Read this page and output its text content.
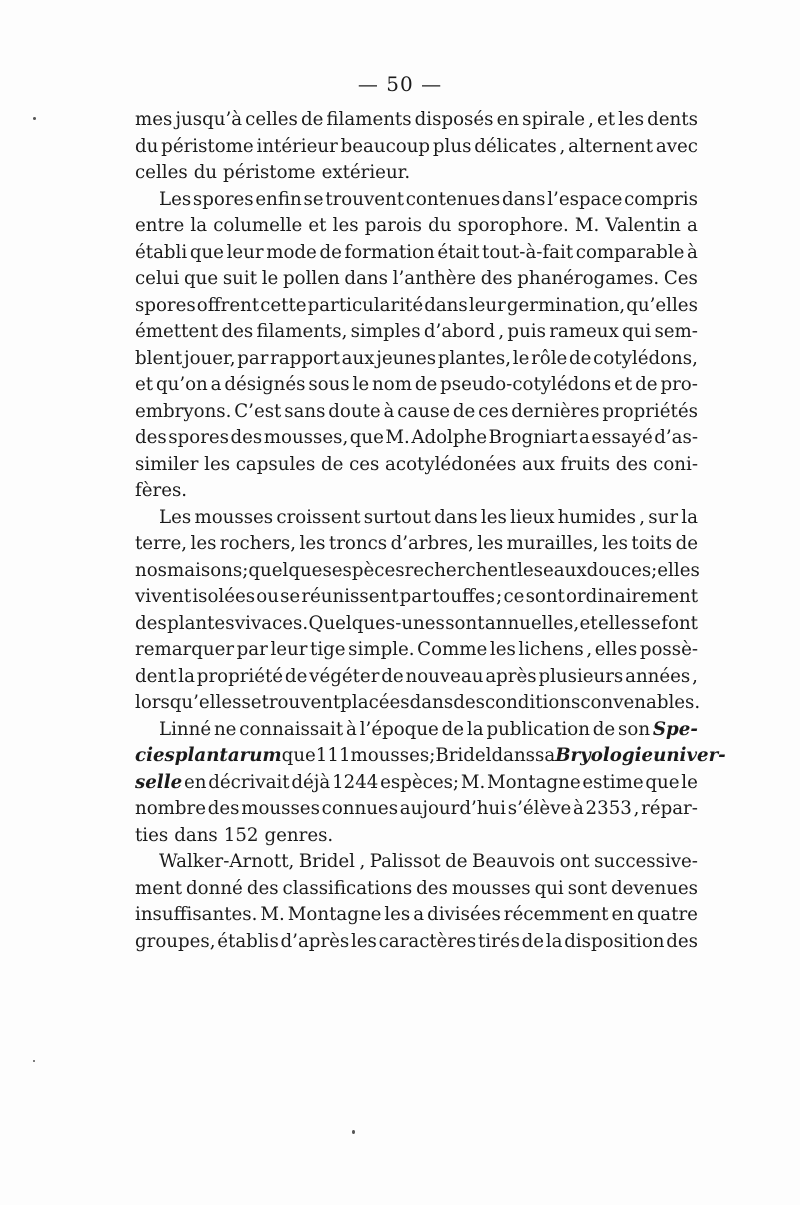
— 50 —
mes jusqu’à celles de filaments disposés en spirale , et les dents
du péristome intérieur beaucoup plus délicates , alternent avec
celles du péristome extérieur.
Les spores enfin se trouvent contenues dans l’espace compris
entre la columelle et les parois du sporophore. M. Valentin a
établi que leur mode de formation était tout-à-fait comparable à
celui que suit le pollen dans l’anthère des phanérogames. Ces
spores offrent cette particularité dans leur germination, qu’elles
émettent des filaments, simples d’abord , puis rameux qui sem-
blent jouer, par rapport aux jeunes plantes, le rôle de cotylédons,
et qu’on a désignés sous le nom de pseudo-cotylédons et de pro-
embryons. C’est sans doute à cause de ces dernières propriétés
des spores des mousses, que M. Adolphe Brogniart a essayé d’as-
similer les capsules de ces acotylédonées aux fruits des coni-
fères.
Les mousses croissent surtout dans les lieux humides , sur la
terre, les rochers, les troncs d’arbres, les murailles, les toits de
nos maisons ; quelques espèces recherchent les eaux douces; elles
vivent isolées ou se réunissent par touffes ; ce sont ordinairement
des plantes vivaces. Quelques-unes sont annuelles, et elles se font
remarquer par leur tige simple. Comme les lichens , elles possè-
dent la propriété de végéter de nouveau après plusieurs années ,
lorsqu’elles se trouvent placées dans des conditions convenables.
Linné ne connaissait à l’époque de la publication de son Spe-
cies plantarum que 111 mousses ; Bridel dans sa Bryologie univer-
selle en décrivait déjà 1244 espèces; M. Montagne estime que le
nombre des mousses connues aujourd’hui s’élève à 2353 , répar-
ties dans 152 genres.
Walker-Arnott, Bridel , Palissot de Beauvois ont successive-
ment donné des classifications des mousses qui sont devenues
insuffisantes. M. Montagne les a divisées récemment en quatre
groupes, établis d’après les caractères tirés de la disposition des
